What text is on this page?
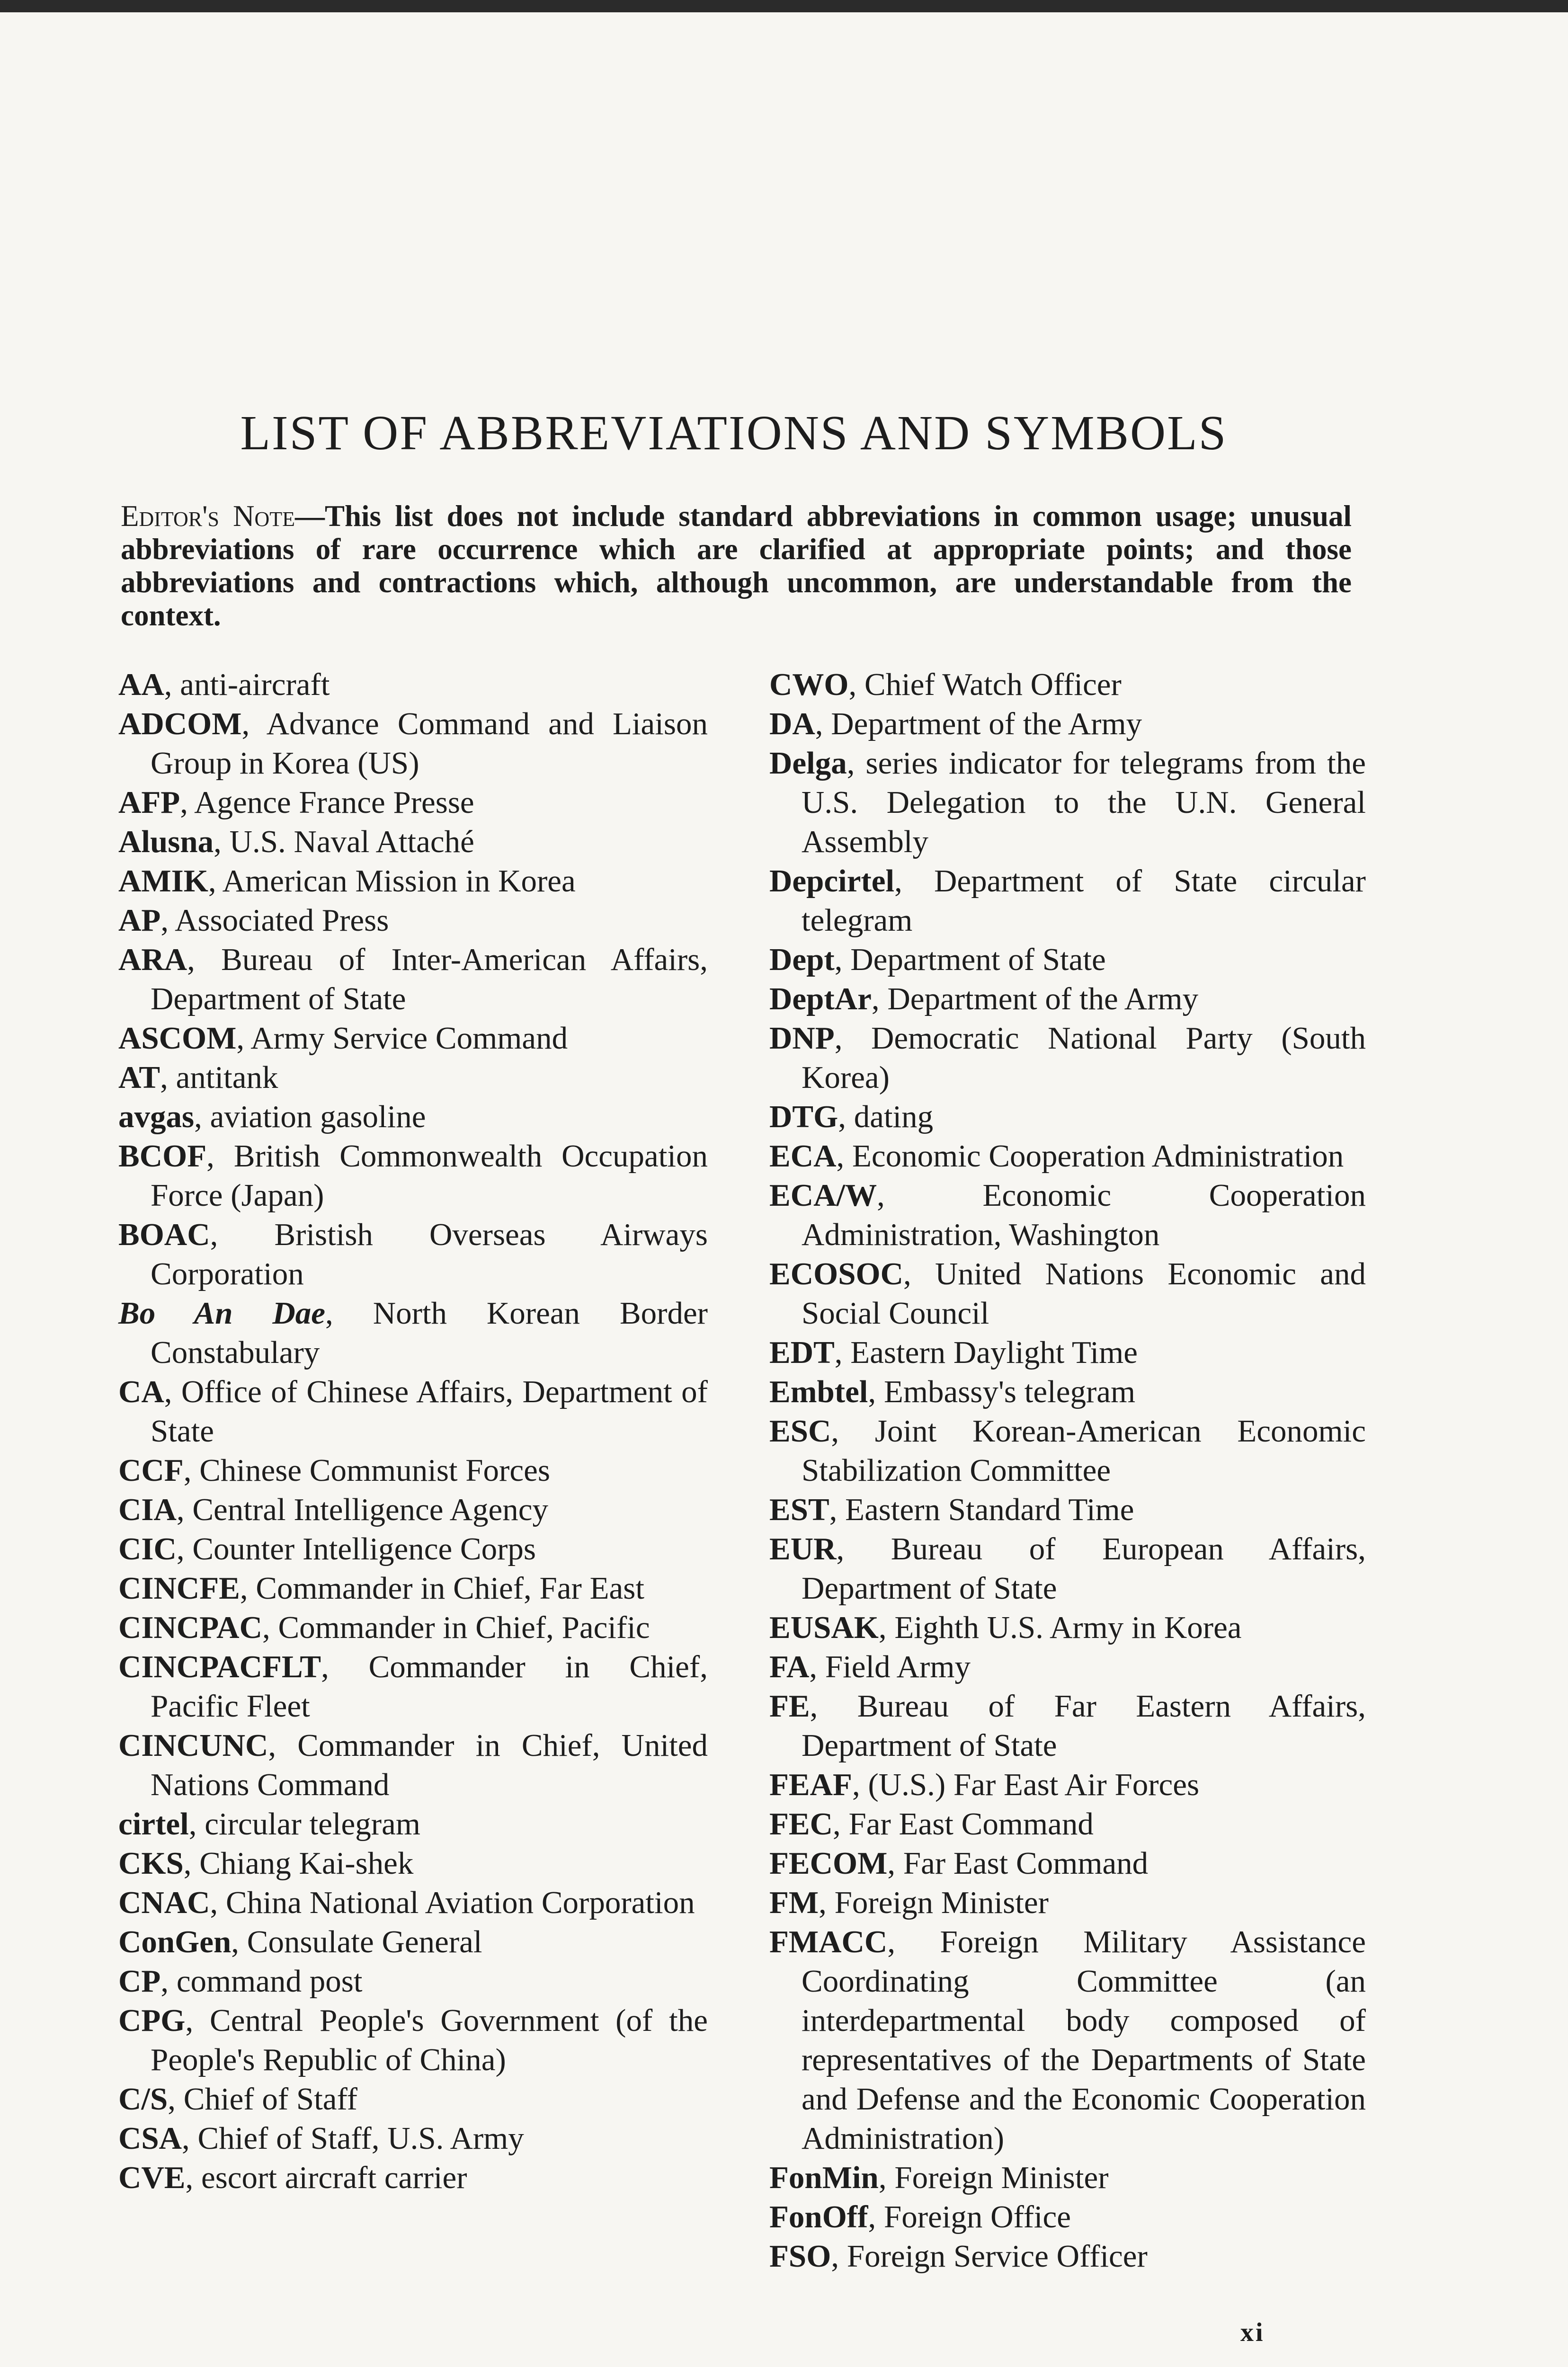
LIST OF ABBREVIATIONS AND SYMBOLS
Editor's Note—This list does not include standard abbreviations in common usage; unusual abbreviations of rare occurrence which are clarified at appropriate points; and those abbreviations and contractions which, although uncommon, are understandable from the context.

AA, anti-aircraft

ADCOM, Advance Command and Liaison Group in Korea (US)

AFP, Agence France Presse

Alusna, U.S. Naval Attaché

AMIK, American Mission in Korea

AP, Associated Press

ARA, Bureau of Inter-American Affairs, Department of State

ASCOM, Army Service Command

AT, antitank

avgas, aviation gasoline

BCOF, British Commonwealth Occupation Force (Japan)

BOAC, Bristish Overseas Airways Corporation

Bo An Dae, North Korean Border Constabulary

CA, Office of Chinese Affairs, Department of State

CCF, Chinese Communist Forces

CIA, Central Intelligence Agency

CIC, Counter Intelligence Corps

CINCFE, Commander in Chief, Far East

CINCPAC, Commander in Chief, Pacific

CINCPACFLT, Commander in Chief, Pacific Fleet

CINCUNC, Commander in Chief, United Nations Command

cirtel, circular telegram

CKS, Chiang Kai-shek

CNAC, China National Aviation Corporation

ConGen, Consulate General

CP, command post

CPG, Central People's Government (of the People's Republic of China)

C/S, Chief of Staff

CSA, Chief of Staff, U.S. Army

CVE, escort aircraft carrier

CWO, Chief Watch Officer

DA, Department of the Army

Delga, series indicator for telegrams from the U.S. Delegation to the U.N. General Assembly

Depcirtel, Department of State circular telegram

Dept, Department of State

DeptAr, Department of the Army

DNP, Democratic National Party (South Korea)

DTG, dating

ECA, Economic Cooperation Administration

ECA/W, Economic Cooperation Administration, Washington

ECOSOC, United Nations Economic and Social Council

EDT, Eastern Daylight Time

Embtel, Embassy's telegram

ESC, Joint Korean-American Economic Stabilization Committee

EST, Eastern Standard Time

EUR, Bureau of European Affairs, Department of State

EUSAK, Eighth U.S. Army in Korea

FA, Field Army

FE, Bureau of Far Eastern Affairs, Department of State

FEAF, (U.S.) Far East Air Forces

FEC, Far East Command

FECOM, Far East Command

FM, Foreign Minister

FMACC, Foreign Military Assistance Coordinating Committee (an interdepartmental body composed of representatives of the Departments of State and Defense and the Economic Cooperation Administration)

FonMin, Foreign Minister

FonOff, Foreign Office

FSO, Foreign Service Officer

xi
